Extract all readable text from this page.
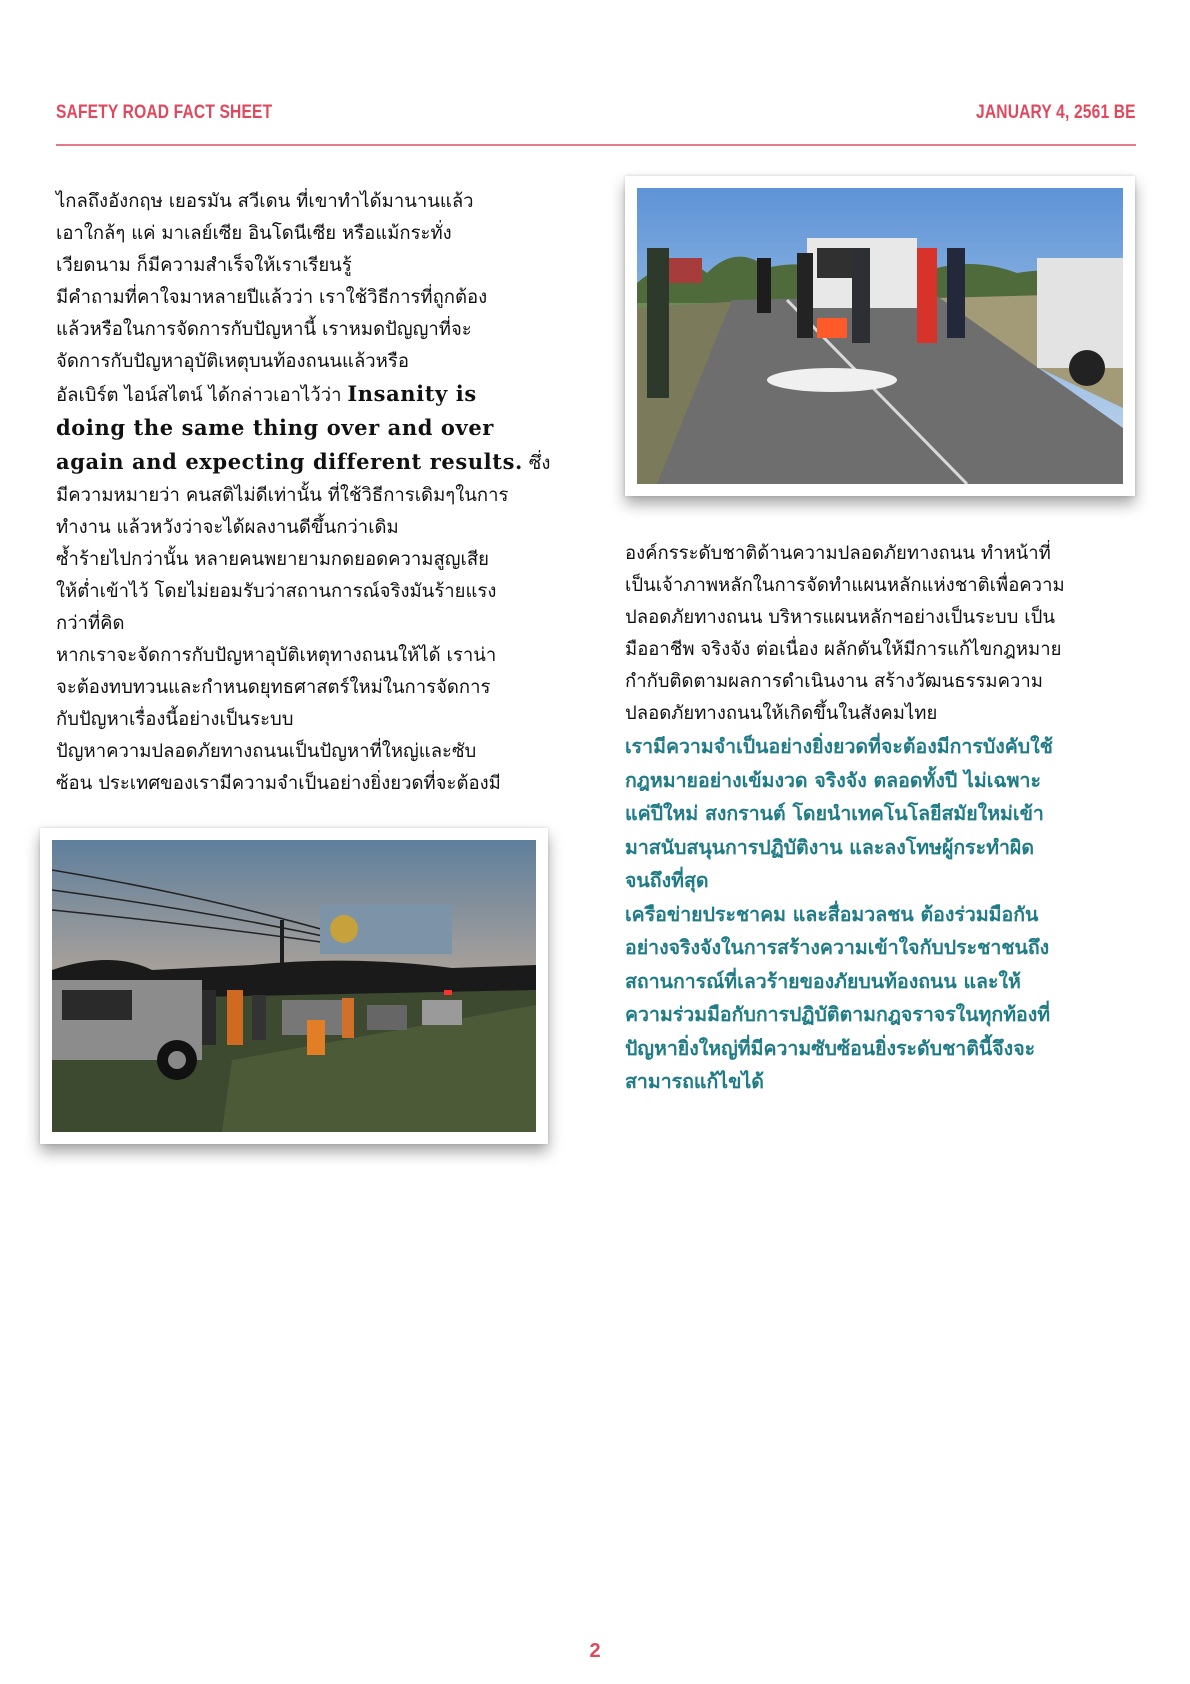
SAFETY ROAD FACT SHEET	JANUARY 4, 2561 BE

ไกลถึงอังกฤษ เยอรมัน สวีเดน ที่เขาทำได้มานานแล้ว

เอาใกล้ๆ แค่ มาเลย์เซีย อินโดนีเซีย หรือแม้กระทั่ง

เวียดนาม ก็มีความสำเร็จให้เราเรียนรู้

มีคำถามที่คาใจมาหลายปีแล้วว่า เราใช้วิธีการที่ถูกต้อง

แล้วหรือในการจัดการกับปัญหานี้ เราหมดปัญญาที่จะ

จัดการกับปัญหาอุบัติเหตุบนท้องถนนแล้วหรือ

อัลเบิร์ต ไอน์สไตน์ ได้กล่าวเอาไว้ว่า Insanity is

doing the same thing over and over

again and expecting different results. ซึ่ง

มีความหมายว่า คนสติไม่ดีเท่านั้น ที่ใช้วิธีการเดิมๆในการ

ทำงาน แล้วหวังว่าจะได้ผลงานดีขึ้นกว่าเดิม

ซ้ำร้ายไปกว่านั้น หลายคนพยายามกดยอดความสูญเสีย

ให้ต่ำเข้าไว้ โดยไม่ยอมรับว่าสถานการณ์จริงมันร้ายแรง

กว่าที่คิด

หากเราจะจัดการกับปัญหาอุบัติเหตุทางถนนให้ได้ เราน่า

จะต้องทบทวนและกำหนดยุทธศาสตร์ใหม่ในการจัดการ

กับปัญหาเรื่องนี้อย่างเป็นระบบ

ปัญหาความปลอดภัยทางถนนเป็นปัญหาที่ใหญ่และซับ

ซ้อน ประเทศของเรามีความจำเป็นอย่างยิ่งยวดที่จะต้องมี

องค์กรระดับชาติด้านความปลอดภัยทางถนน ทำหน้าที่

เป็นเจ้าภาพหลักในการจัดทำแผนหลักแห่งชาติเพื่อความ

ปลอดภัยทางถนน บริหารแผนหลักฯอย่างเป็นระบบ เป็น

มืออาชีพ จริงจัง ต่อเนื่อง ผลักดันให้มีการแก้ไขกฎหมาย

กำกับติดตามผลการดำเนินงาน สร้างวัฒนธรรมความ

ปลอดภัยทางถนนให้เกิดขึ้นในสังคมไทย

เรามีความจำเป็นอย่างยิ่งยวดที่จะต้องมีการบังคับใช้

กฎหมายอย่างเข้มงวด จริงจัง ตลอดทั้งปี ไม่เฉพาะ

แค่ปีใหม่ สงกรานต์ โดยนำเทคโนโลยีสมัยใหม่เข้า

มาสนับสนุนการปฏิบัติงาน และลงโทษผู้กระทำผิด

จนถึงที่สุด

เครือข่ายประชาคม และสื่อมวลชน ต้องร่วมมือกัน

อย่างจริงจังในการสร้างความเข้าใจกับประชาชนถึง

สถานการณ์ที่เลวร้ายของภัยบนท้องถนน และให้

ความร่วมมือกับการปฏิบัติตามกฎจราจรในทุกท้องที่

ปัญหายิ่งใหญ่ที่มีความซับซ้อนยิ่งระดับชาตินี้จึงจะ

สามารถแก้ไขได้

2
